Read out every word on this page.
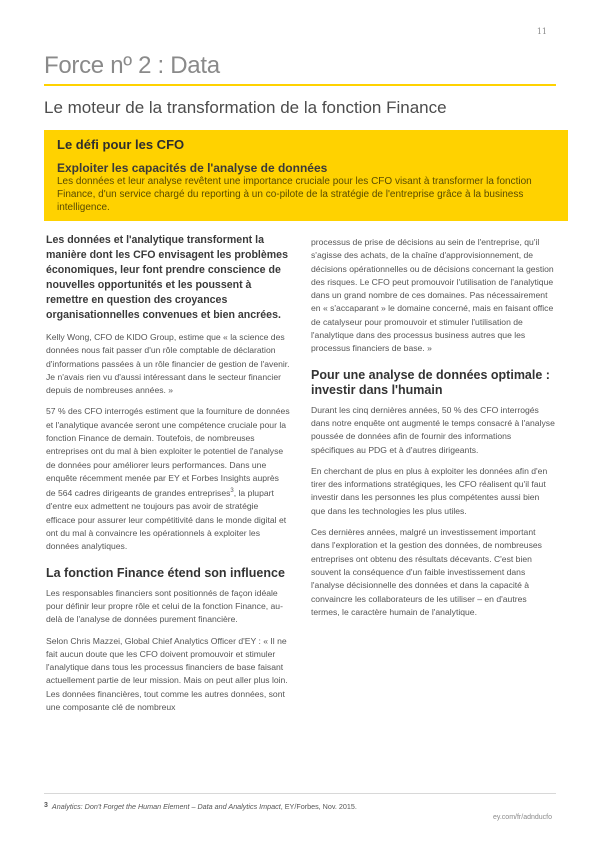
11
Force nº 2 : Data
Le moteur de la transformation de la fonction Finance
Le défi pour les CFO
Exploiter les capacités de l'analyse de données
Les données et leur analyse revêtent une importance cruciale pour les CFO visant à transformer la fonction Finance, d'un service chargé du reporting à un co-pilote de la stratégie de l'entreprise grâce à la business intelligence.

Les données et l'analytique transforment la manière dont les CFO envisagent les problèmes économiques, leur font prendre conscience de nouvelles opportunités et les poussent à remettre en question des croyances organisationnelles convenues et bien ancrées.

Kelly Wong, CFO de KIDO Group, estime que « la science des données nous fait passer d'un rôle comptable de déclaration d'informations passées à un rôle financier de gestion de l'avenir. Je n'avais rien vu d'aussi intéressant dans le secteur financier depuis de nombreuses années. »

57 % des CFO interrogés estiment que la fourniture de données et l'analytique avancée seront une compétence cruciale pour la fonction Finance de demain. Toutefois, de nombreuses entreprises ont du mal à bien exploiter le potentiel de l'analyse de données pour améliorer leurs performances. Dans une enquête récemment menée par EY et Forbes Insights auprès de 564 cadres dirigeants de grandes entreprises$^3$, la plupart d'entre eux admettent ne toujours pas avoir de stratégie efficace pour assurer leur compétitivité dans le monde digital et ont du mal à convaincre les opérationnels à exploiter les données analytiques.

La fonction Finance étend son influence

Les responsables financiers sont positionnés de façon idéale pour définir leur propre rôle et celui de la fonction Finance, au-delà de l'analyse de données purement financière.

Selon Chris Mazzei, Global Chief Analytics Officer d'EY : « Il ne fait aucun doute que les CFO doivent promouvoir et stimuler l'analytique dans tous les processus financiers de base faisant actuellement partie de leur mission. Mais on peut aller plus loin. Les données financières, tout comme les autres données, sont une composante clé de nombreux

processus de prise de décisions au sein de l'entreprise, qu'il s'agisse des achats, de la chaîne d'approvisionnement, de décisions opérationnelles ou de décisions concernant la gestion des risques. Le CFO peut promouvoir l'utilisation de l'analytique dans un grand nombre de ces domaines. Pas nécessairement en « s'accaparant » le domaine concerné, mais en faisant office de catalyseur pour promouvoir et stimuler l'utilisation de l'analytique dans des processus business autres que les processus financiers de base. »

Pour une analyse de données optimale : investir dans l'humain

Durant les cinq dernières années, 50 % des CFO interrogés dans notre enquête ont augmenté le temps consacré à l'analyse poussée de données afin de fournir des informations spécifiques au PDG et à d'autres dirigeants.

En cherchant de plus en plus à exploiter les données afin d'en tirer des informations stratégiques, les CFO réalisent qu'il faut investir dans les personnes les plus compétentes aussi bien que dans les technologies les plus utiles.

Ces dernières années, malgré un investissement important dans l'exploration et la gestion des données, de nombreuses entreprises ont obtenu des résultats décevants. C'est bien souvent la conséquence d'un faible investissement dans l'analyse décisionnelle des données et dans la capacité à convaincre les collaborateurs de les utiliser – en d'autres termes, le caractère humain de l'analytique.

3 Analytics: Don't Forget the Human Element – Data and Analytics Impact, EY/Forbes, Nov. 2015.
ey.com/fr/adnducfo
